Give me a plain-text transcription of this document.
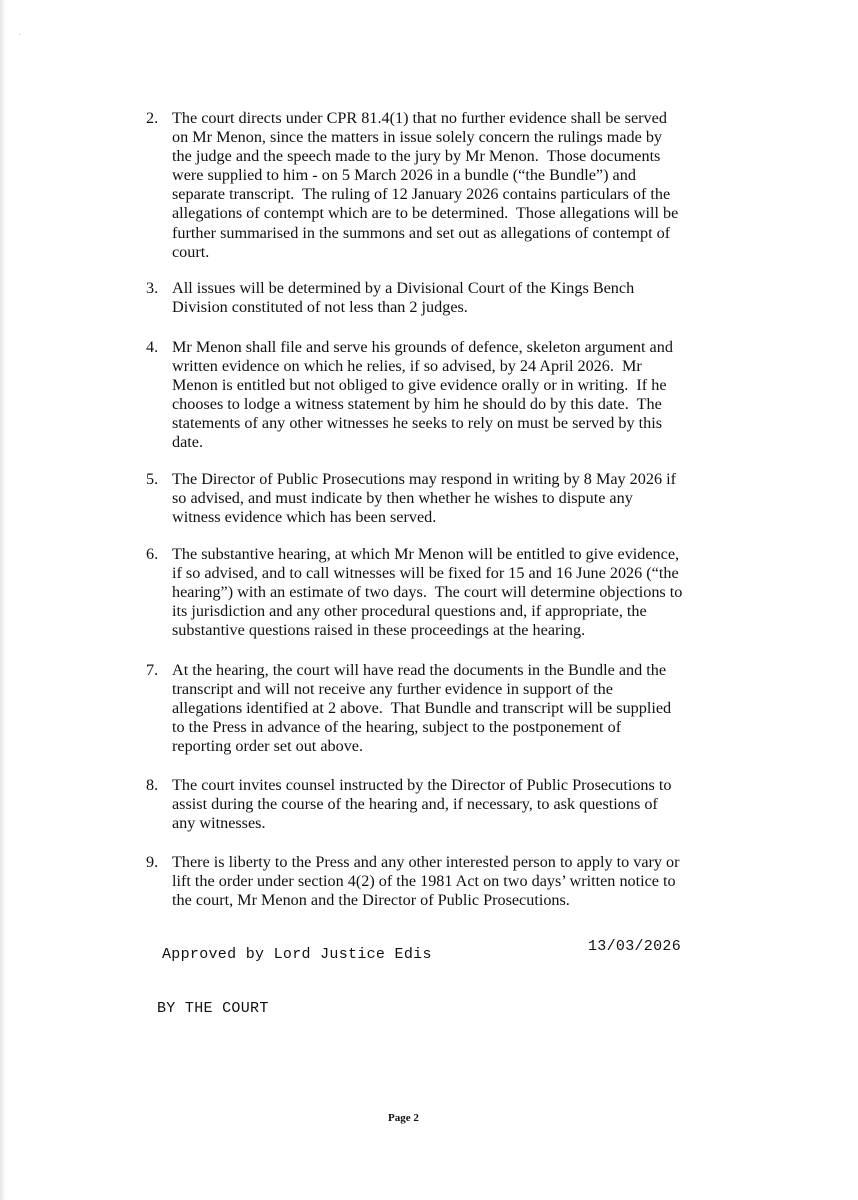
·
2. The court directs under CPR 81.4(1) that no further evidence shall be served
on Mr Menon, since the matters in issue solely concern the rulings made by
the judge and the speech made to the jury by Mr Menon.  Those documents
were supplied to him - on 5 March 2026 in a bundle (“the Bundle”) and
separate transcript.  The ruling of 12 January 2026 contains particulars of the
allegations of contempt which are to be determined.  Those allegations will be
further summarised in the summons and set out as allegations of contempt of
court.
3. All issues will be determined by a Divisional Court of the Kings Bench
Division constituted of not less than 2 judges.
4. Mr Menon shall file and serve his grounds of defence, skeleton argument and
written evidence on which he relies, if so advised, by 24 April 2026.  Mr
Menon is entitled but not obliged to give evidence orally or in writing.  If he
chooses to lodge a witness statement by him he should do by this date.  The
statements of any other witnesses he seeks to rely on must be served by this
date.
5. The Director of Public Prosecutions may respond in writing by 8 May 2026 if
so advised, and must indicate by then whether he wishes to dispute any
witness evidence which has been served.
6. The substantive hearing, at which Mr Menon will be entitled to give evidence,
if so advised, and to call witnesses will be fixed for 15 and 16 June 2026 (“the
hearing”) with an estimate of two days.  The court will determine objections to
its jurisdiction and any other procedural questions and, if appropriate, the
substantive questions raised in these proceedings at the hearing.
7. At the hearing, the court will have read the documents in the Bundle and the
transcript and will not receive any further evidence in support of the
allegations identified at 2 above.  That Bundle and transcript will be supplied
to the Press in advance of the hearing, subject to the postponement of
reporting order set out above.
8. The court invites counsel instructed by the Director of Public Prosecutions to
assist during the course of the hearing and, if necessary, to ask questions of
any witnesses.
9. There is liberty to the Press and any other interested person to apply to vary or
lift the order under section 4(2) of the 1981 Act on two days’ written notice to
the court, Mr Menon and the Director of Public Prosecutions.
Approved by Lord Justice Edis	13/03/2026
BY THE COURT
Page 2
